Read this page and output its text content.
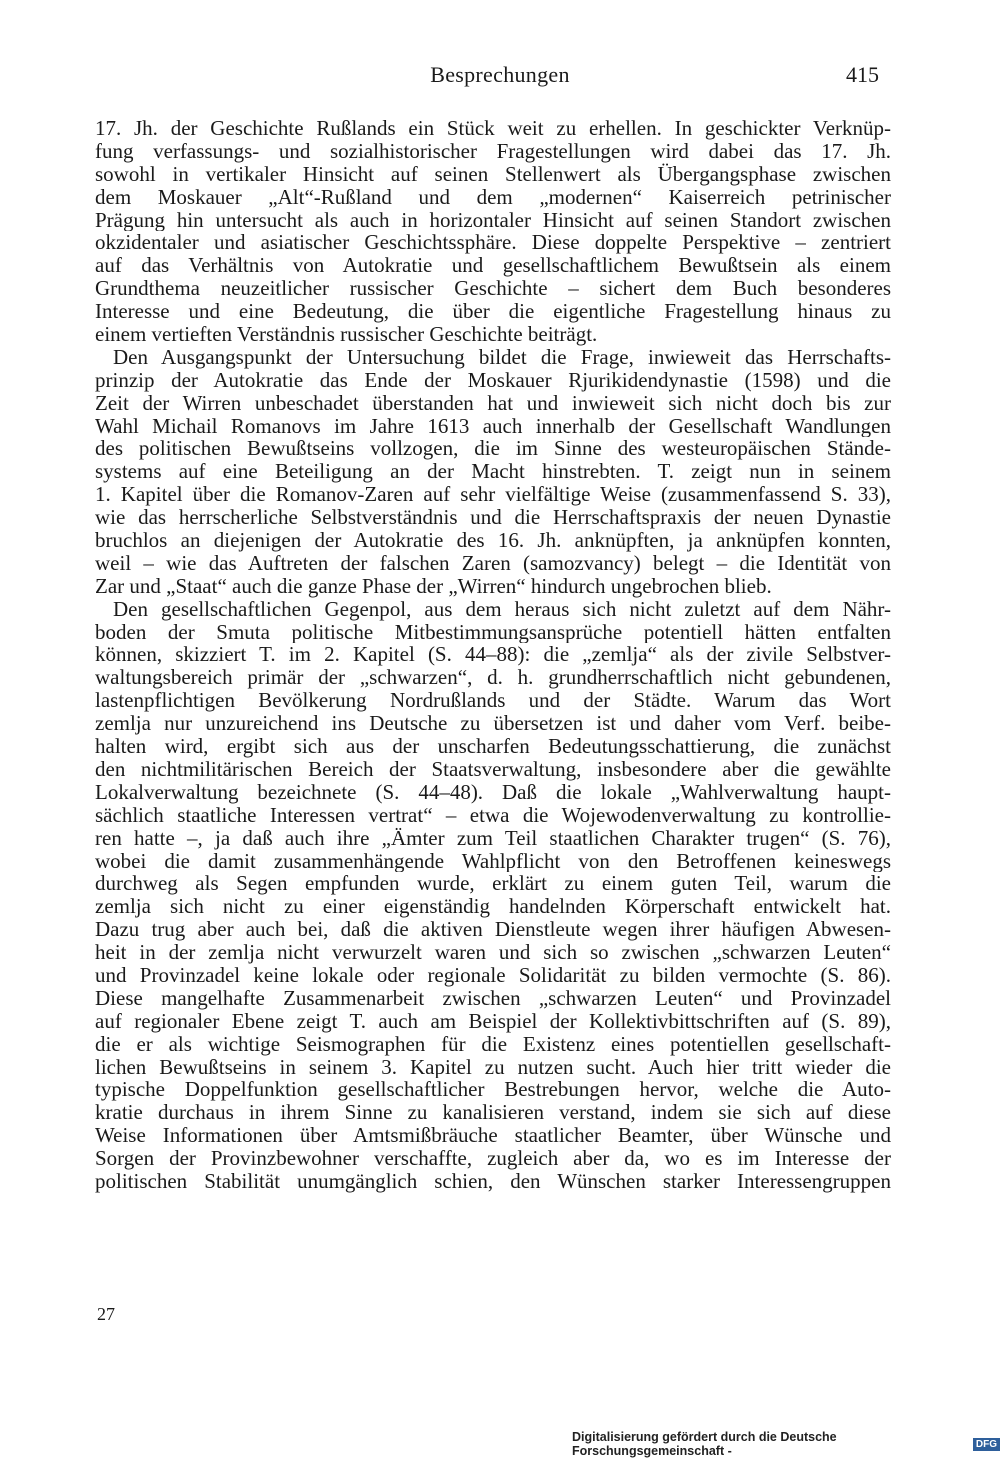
Besprechungen	415
17. Jh. der Geschichte Rußlands ein Stück weit zu erhellen. In geschickter Verknüp-
fung verfassungs- und sozialhistorischer Fragestellungen wird dabei das 17. Jh.
sowohl in vertikaler Hinsicht auf seinen Stellenwert als Übergangsphase zwischen
dem Moskauer „Alt“-Rußland und dem „modernen“ Kaiserreich petrinischer
Prägung hin untersucht als auch in horizontaler Hinsicht auf seinen Standort zwischen
okzidentaler und asiatischer Geschichtssphäre. Diese doppelte Perspektive – zentriert
auf das Verhältnis von Autokratie und gesellschaftlichem Bewußtsein als einem
Grundthema neuzeitlicher russischer Geschichte – sichert dem Buch besonderes
Interesse und eine Bedeutung, die über die eigentliche Fragestellung hinaus zu
einem vertieften Verständnis russischer Geschichte beiträgt.
Den Ausgangspunkt der Untersuchung bildet die Frage, inwieweit das Herrschafts-
prinzip der Autokratie das Ende der Moskauer Rjurikidendynastie (1598) und die
Zeit der Wirren unbeschadet überstanden hat und inwieweit sich nicht doch bis zur
Wahl Michail Romanovs im Jahre 1613 auch innerhalb der Gesellschaft Wandlungen
des politischen Bewußtseins vollzogen, die im Sinne des westeuropäischen Stände-
systems auf eine Beteiligung an der Macht hinstrebten. T. zeigt nun in seinem
1. Kapitel über die Romanov-Zaren auf sehr vielfältige Weise (zusammenfassend S. 33),
wie das herrscherliche Selbstverständnis und die Herrschaftspraxis der neuen Dynastie
bruchlos an diejenigen der Autokratie des 16. Jh. anknüpften, ja anknüpfen konnten,
weil – wie das Auftreten der falschen Zaren (samozvancy) belegt – die Identität von
Zar und „Staat“ auch die ganze Phase der „Wirren“ hindurch ungebrochen blieb.
Den gesellschaftlichen Gegenpol, aus dem heraus sich nicht zuletzt auf dem Nähr-
boden der Smuta politische Mitbestimmungsansprüche potentiell hätten entfalten
können, skizziert T. im 2. Kapitel (S. 44–88): die „zemlja“ als der zivile Selbstver-
waltungsbereich primär der „schwarzen“, d. h. grundherrschaftlich nicht gebundenen,
lastenpflichtigen Bevölkerung Nordrußlands und der Städte. Warum das Wort
zemlja nur unzureichend ins Deutsche zu übersetzen ist und daher vom Verf. beibe-
halten wird, ergibt sich aus der unscharfen Bedeutungsschattierung, die zunächst
den nichtmilitärischen Bereich der Staatsverwaltung, insbesondere aber die gewählte
Lokalverwaltung bezeichnete (S. 44–48). Daß die lokale „Wahlverwaltung haupt-
sächlich staatliche Interessen vertrat“ – etwa die Wojewodenverwaltung zu kontrollie-
ren hatte –, ja daß auch ihre „Ämter zum Teil staatlichen Charakter trugen“ (S. 76),
wobei die damit zusammenhängende Wahlpflicht von den Betroffenen keineswegs
durchweg als Segen empfunden wurde, erklärt zu einem guten Teil, warum die
zemlja sich nicht zu einer eigenständig handelnden Körperschaft entwickelt hat.
Dazu trug aber auch bei, daß die aktiven Dienstleute wegen ihrer häufigen Abwesen-
heit in der zemlja nicht verwurzelt waren und sich so zwischen „schwarzen Leuten“
und Provinzadel keine lokale oder regionale Solidarität zu bilden vermochte (S. 86).
Diese mangelhafte Zusammenarbeit zwischen „schwarzen Leuten“ und Provinzadel
auf regionaler Ebene zeigt T. auch am Beispiel der Kollektivbittschriften auf (S. 89),
die er als wichtige Seismographen für die Existenz eines potentiellen gesellschaft-
lichen Bewußtseins in seinem 3. Kapitel zu nutzen sucht. Auch hier tritt wieder die
typische Doppelfunktion gesellschaftlicher Bestrebungen hervor, welche die Auto-
kratie durchaus in ihrem Sinne zu kanalisieren verstand, indem sie sich auf diese
Weise Informationen über Amtsmißbräuche staatlicher Beamter, über Wünsche und
Sorgen der Provinzbewohner verschaffte, zugleich aber da, wo es im Interesse der
politischen Stabilität unumgänglich schien, den Wünschen starker Interessengruppen
27
Digitalisierung gefördert durch die Deutsche Forschungsgemeinschaft -	DFG
